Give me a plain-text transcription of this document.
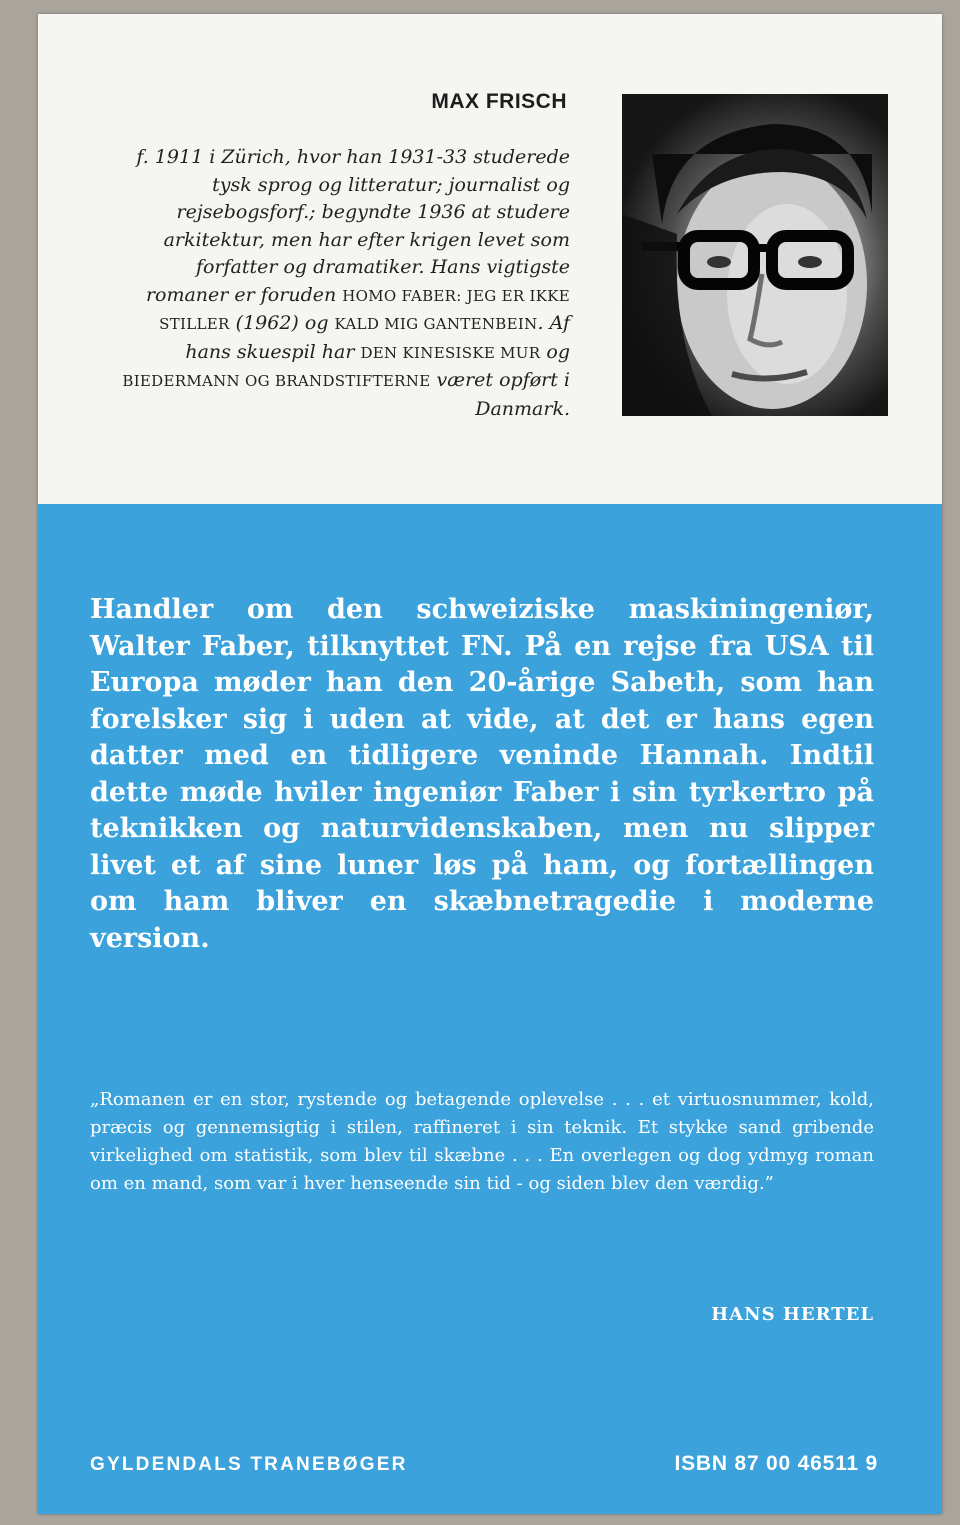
MAX FRISCH

f. 1911 i Zürich, hvor han 1931-33 studerede tysk sprog og litteratur; journalist og rejsebogsforf.; begyndte 1936 at studere arkitektur, men har efter krigen levet som forfatter og dramatiker. Hans vigtigste romaner er foruden HOMO FABER: JEG ER IKKE STILLER (1962) og KALD MIG GANTENBEIN. Af hans skuespil har DEN KINESISKE MUR og BIEDERMANN OG BRANDSTIFTERNE været opført i Danmark.

Handler om den schweiziske maskiningeniør, Walter Faber, tilknyttet FN. På en rejse fra USA til Europa møder han den 20-årige Sabeth, som han forelsker sig i uden at vide, at det er hans egen datter med en tidligere veninde Hannah. Indtil dette møde hviler ingeniør Faber i sin tyrkertro på teknikken og naturvidenskaben, men nu slipper livet et af sine luner løs på ham, og fortællingen om ham bliver en skæbnetragedie i moderne version.

„Romanen er en stor, rystende og betagende oplevelse . . . et virtuosnummer, kold, præcis og gennemsigtig i stilen, raffineret i sin teknik. Et stykke sand gribende virkelighed om statistik, som blev til skæbne . . . En overlegen og dog ydmyg roman om en mand, som var i hver henseende sin tid - og siden blev den værdig.”

HANS HERTEL

GYLDENDALS TRANEBØGER	ISBN 87 00 46511 9
